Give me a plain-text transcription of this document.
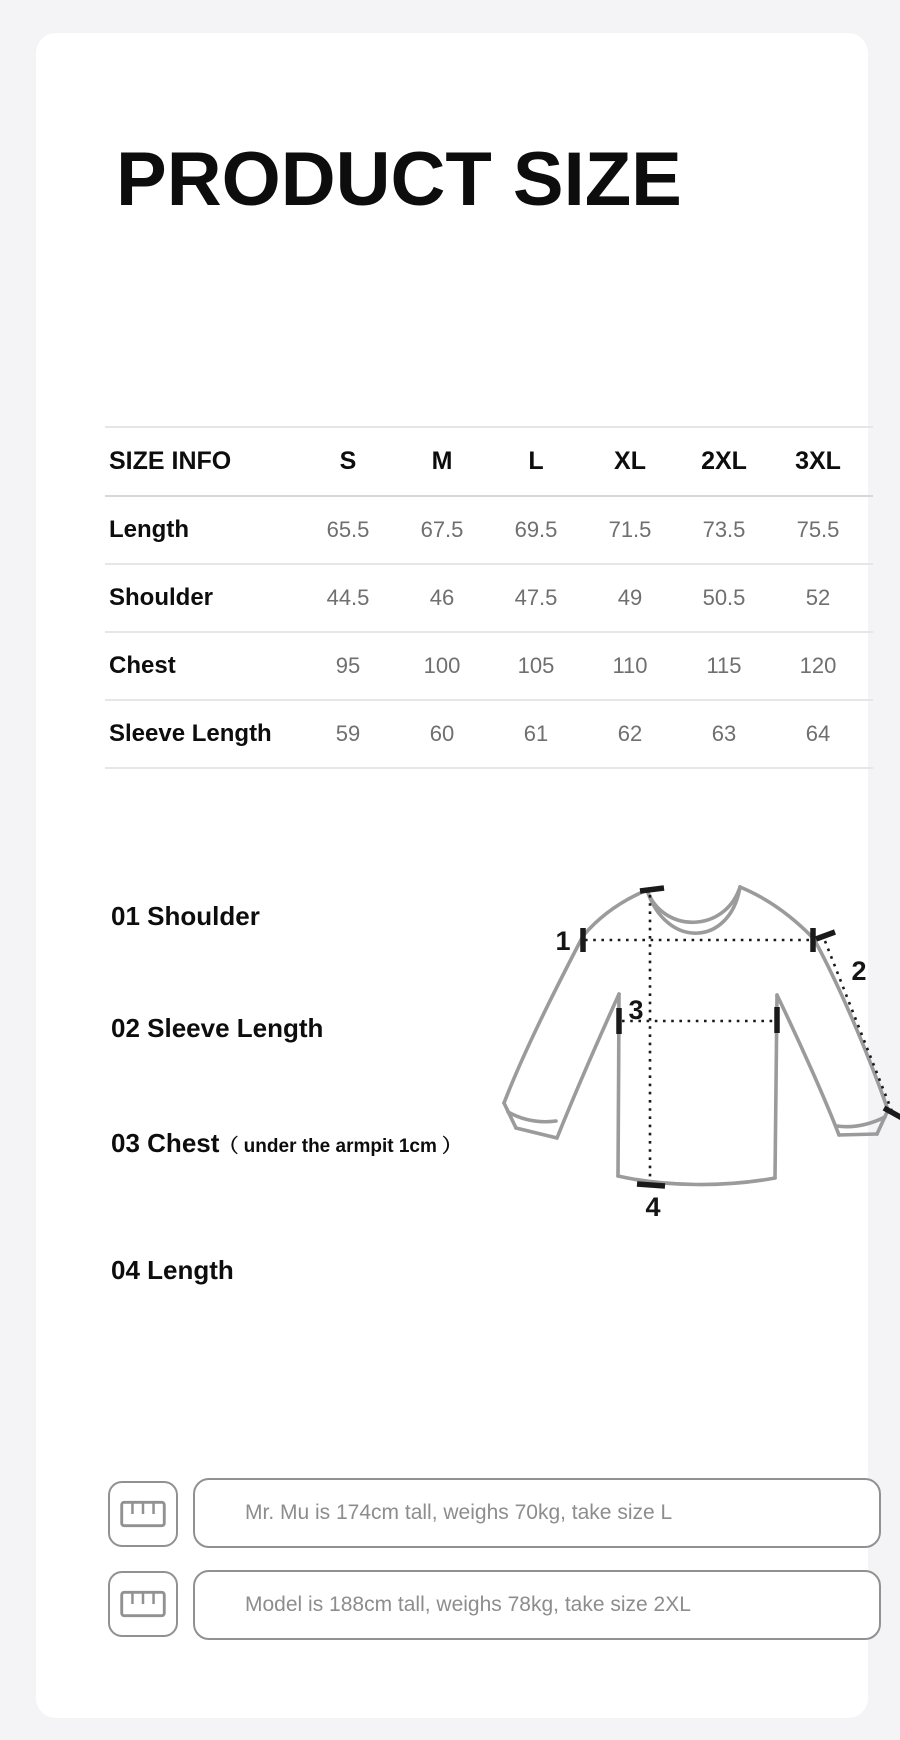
PRODUCT SIZE
SIZE INFO	S	M	L	XL	2XL	3XL
Length	65.5	67.5	69.5	71.5	73.5	75.5
Shoulder	44.5	46	47.5	49	50.5	52
Chest	95	100	105	110	115	120
Sleeve Length	59	60	61	62	63	64
01 Shoulder
02 Sleeve Length
03 Chest（ under the armpit 1cm ）
04 Length
1
2
3
4
Mr. Mu is 174cm tall, weighs 70kg, take size L
Model is 188cm tall, weighs 78kg, take size 2XL
